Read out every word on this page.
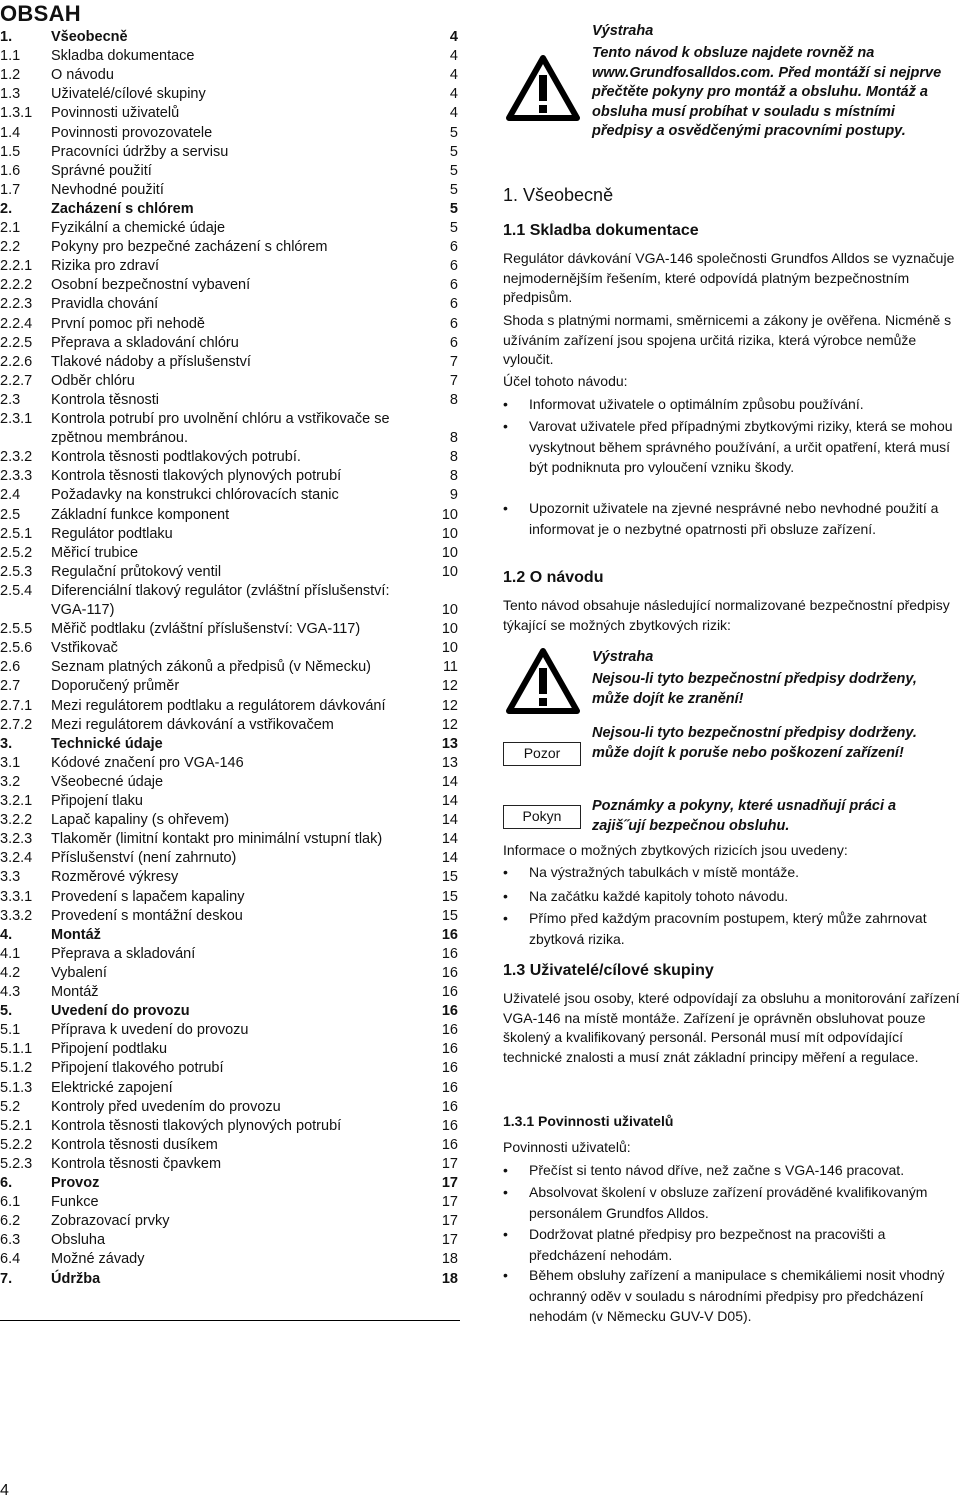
OBSAH
1.	Všeobecně	4
1.1 Skladba dokumentace	4
1.2 O návodu	4
1.3 Uživatelé/cílové skupiny	4
1.3.1 Povinnosti uživatelů	4
1.4 Povinnosti provozovatele	5
1.5 Pracovníci údržby a servisu	5
1.6 Správné použití	5
1.7 Nevhodné použití	5
2.	Zacházení s chlórem	5
2.1 Fyzikální a chemické údaje	5
2.2 Pokyny pro bezpečné zacházení s chlórem	6
2.2.1 Rizika pro zdraví	6
2.2.2 Osobní bezpečnostní vybavení	6
2.2.3 Pravidla chování	6
2.2.4 První pomoc při nehodě	6
2.2.5 Přeprava a skladování chlóru	6
2.2.6 Tlakové nádoby a příslušenství	7
2.2.7 Odběr chlóru	7
2.3 Kontrola těsnosti	8
2.3.1 Kontrola potrubí pro uvolnění chlóru a vstřikovače se zpětnou membránou.	8
2.3.2 Kontrola těsnosti podtlakových potrubí.	8
2.3.3 Kontrola těsnosti tlakových plynových potrubí	8
2.4 Požadavky na konstrukci chlórovacích stanic	9
2.5 Základní funkce komponent	10
2.5.1 Regulátor podtlaku	10
2.5.2 Měřicí trubice	10
2.5.3 Regulační průtokový ventil	10
2.5.4 Diferenciální tlakový regulátor (zvláštní příslušenství: VGA-117)	10
2.5.5 Měřič podtlaku (zvláštní příslušenství: VGA-117)	10
2.5.6 Vstřikovač	10
2.6 Seznam platných zákonů a předpisů (v Německu)	11
2.7 Doporučený průměr	12
2.7.1 Mezi regulátorem podtlaku a regulátorem dávkování	12
2.7.2 Mezi regulátorem dávkování a vstřikovačem	12
3.	Technické údaje	13
3.1 Kódové značení pro VGA-146	13
3.2 Všeobecné údaje	14
3.2.1 Připojení tlaku	14
3.2.2 Lapač kapaliny (s ohřevem)	14
3.2.3 Tlakoměr (limitní kontakt pro minimální vstupní tlak)	14
3.2.4 Příslušenství (není zahrnuto)	14
3.3 Rozměrové výkresy	15
3.3.1 Provedení s lapačem kapaliny	15
3.3.2 Provedení s montážní deskou	15
4.	Montáž	16
4.1 Přeprava a skladování	16
4.2 Vybalení	16
4.3 Montáž	16
5.	Uvedení do provozu	16
5.1 Příprava k uvedení do provozu	16
5.1.1 Připojení podtlaku	16
5.1.2 Připojení tlakového potrubí	16
5.1.3 Elektrické zapojení	16
5.2 Kontroly před uvedením do provozu	16
5.2.1 Kontrola těsnosti tlakových plynových potrubí	16
5.2.2 Kontrola těsnosti dusíkem	16
5.2.3 Kontrola těsnosti čpavkem	17
6.	Provoz	17
6.1 Funkce	17
6.2 Zobrazovací prvky	17
6.3 Obsluha	17
6.4 Možné závady	18
7.	Údržba	18
Výstraha
Tento návod k obsluze najdete rovněž na www.Grundfosalldos.com. Před montáží si nejprve přečtěte pokyny pro montáž a obsluhu. Montáž a obsluha musí probíhat v souladu s místními předpisy a osvědčenými pracovními postupy.
1. Všeobecně
1.1 Skladba dokumentace
Regulátor dávkování VGA-146 společnosti Grundfos Alldos se vyznačuje nejmodernějším řešením, které odpovídá platným bezpečnostním předpisům.
Shoda s platnými normami, směrnicemi a zákony je ověřena. Nicméně s užíváním zařízení jsou spojena určitá rizika, která výrobce nemůže vyloučit.
Účel tohoto návodu:
• Informovat uživatele o optimálním způsobu používání.
• Varovat uživatele před případnými zbytkovými riziky, která se mohou vyskytnout během správného používání, a určit opatření, která musí být podniknuta pro vyloučení vzniku škody.
• Upozornit uživatele na zjevné nesprávné nebo nevhodné použití a informovat je o nezbytné opatrnosti při obsluze zařízení.
1.2 O návodu
Tento návod obsahuje následující normalizované bezpečnostní předpisy týkající se možných zbytkových rizik:
Výstraha
Nejsou-li tyto bezpečnostní předpisy dodrženy, může dojít ke zranění!
Pozor
Nejsou-li tyto bezpečnostní předpisy dodrženy. může dojít k poruše nebo poškození zařízení!
Pokyn
Poznámky a pokyny, které usnadňují práci a zajiš˝ují bezpečnou obsluhu.
Informace o možných zbytkových rizicích jsou uvedeny:
• Na výstražných tabulkách v místě montáže.
• Na začátku každé kapitoly tohoto návodu.
• Přímo před každým pracovním postupem, který může zahrnovat zbytková rizika.
1.3 Uživatelé/cílové skupiny
Uživatelé jsou osoby, které odpovídají za obsluhu a monitorování zařízení VGA-146 na místě montáže. Zařízení je oprávněn obsluhovat pouze školený a kvalifikovaný personál. Personál musí mít odpovídající technické znalosti a musí znát základní principy měření a regulace.
1.3.1 Povinnosti uživatelů
Povinnosti uživatelů:
• Přečíst si tento návod dříve, než začne s VGA-146 pracovat.
• Absolvovat školení v obsluze zařízení prováděné kvalifikovaným personálem Grundfos Alldos.
• Dodržovat platné předpisy pro bezpečnost na pracovišti a předcházení nehodám.
• Během obsluhy zařízení a manipulace s chemikáliemi nosit vhodný ochranný oděv v souladu s národními předpisy pro předcházení nehodám (v Německu GUV-V D05).
4
